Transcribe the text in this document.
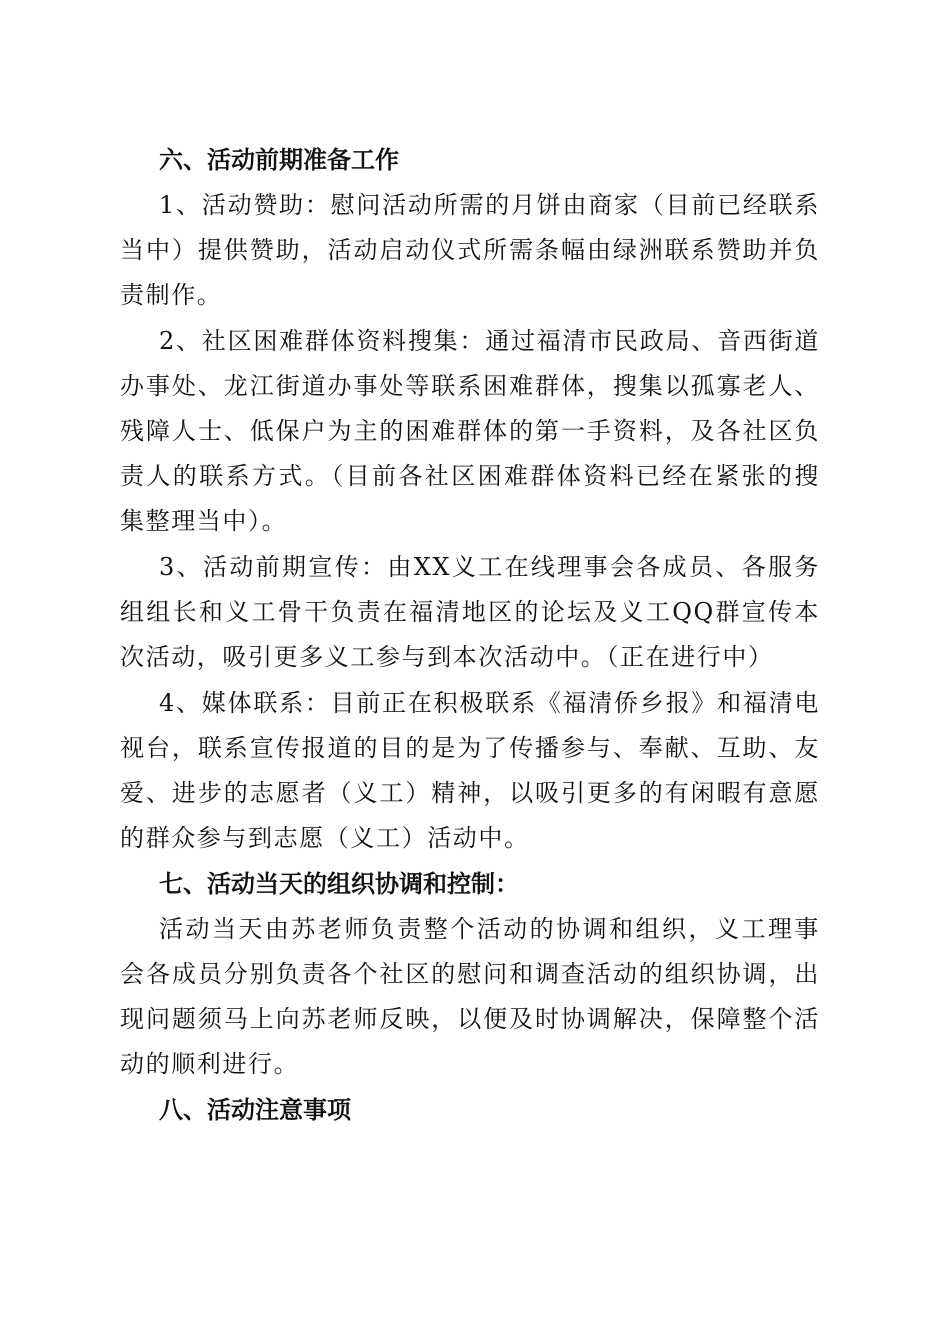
六、活动前期准备工作

1、活动赞助：慰问活动所需的月饼由商家（目前已经联系当中）提供赞助，活动启动仪式所需条幅由绿洲联系赞助并负责制作。

2、社区困难群体资料搜集：通过福清市民政局、音西街道办事处、龙江街道办事处等联系困难群体，搜集以孤寡老人、残障人士、低保户为主的困难群体的第一手资料，及各社区负责人的联系方式。（目前各社区困难群体资料已经在紧张的搜集整理当中）。

3、活动前期宣传：由XX义工在线理事会各成员、各服务组组长和义工骨干负责在福清地区的论坛及义工QQ群宣传本次活动，吸引更多义工参与到本次活动中。（正在进行中）

4、媒体联系：目前正在积极联系《福清侨乡报》和福清电视台，联系宣传报道的目的是为了传播参与、奉献、互助、友爱、进步的志愿者（义工）精神，以吸引更多的有闲暇有意愿的群众参与到志愿（义工）活动中。

七、活动当天的组织协调和控制：

活动当天由苏老师负责整个活动的协调和组织，义工理事会各成员分别负责各个社区的慰问和调查活动的组织协调，出现问题须马上向苏老师反映，以便及时协调解决，保障整个活动的顺利进行。

八、活动注意事项
